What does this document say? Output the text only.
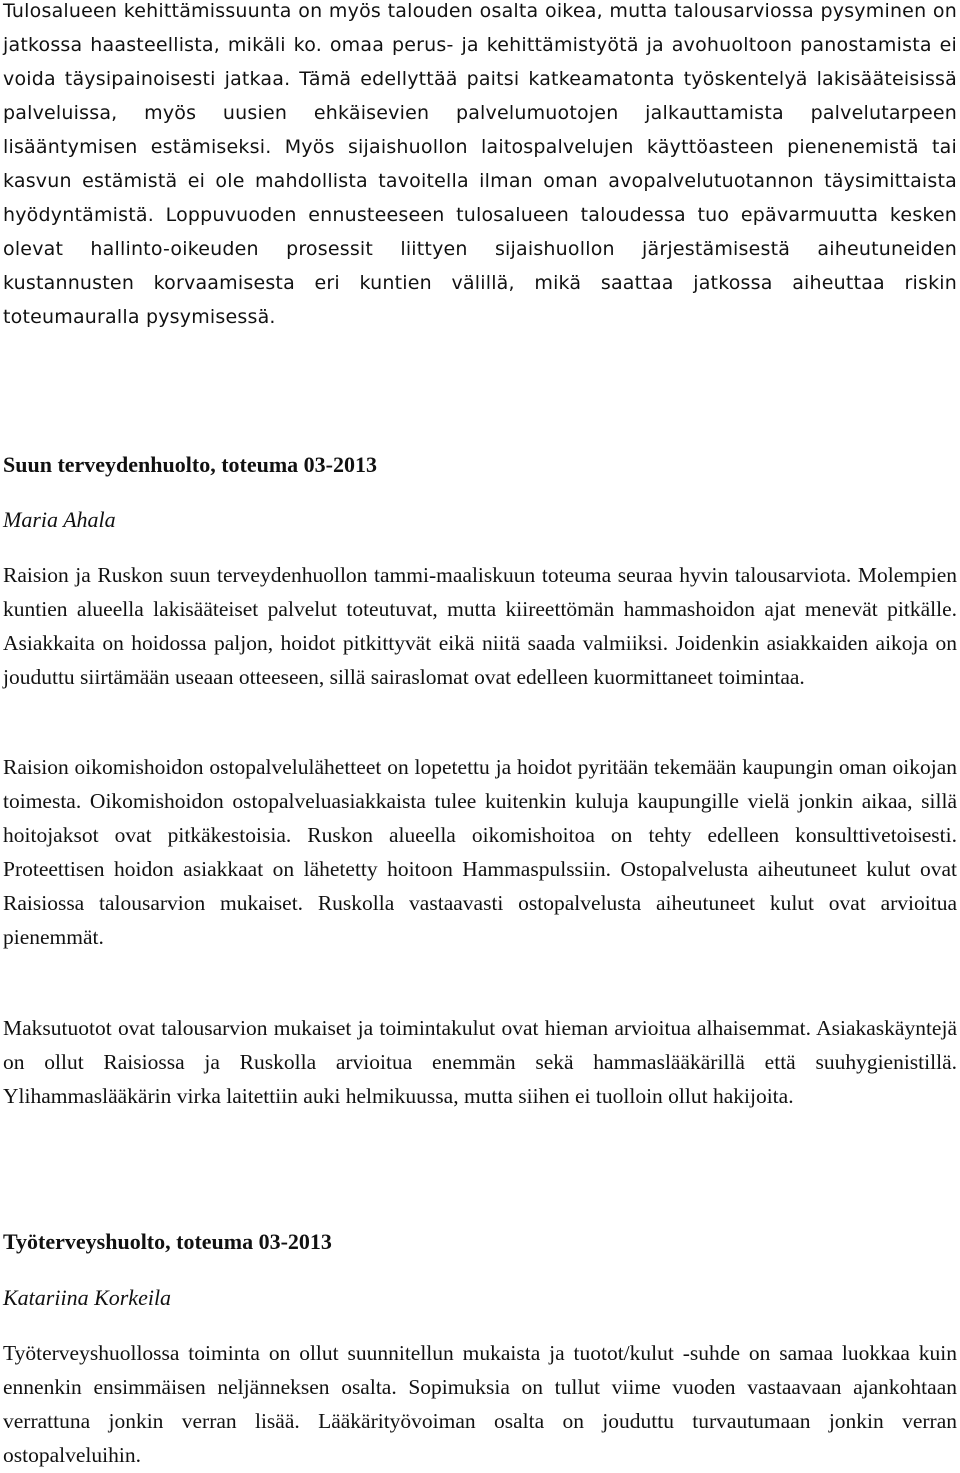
Tulosalueen kehittämissuunta on myös talouden osalta oikea, mutta talousarviossa pysyminen on jatkossa haasteellista, mikäli ko. omaa perus- ja kehittämistyötä ja avohuoltoon panostamista ei voida täysipainoisesti jatkaa. Tämä edellyttää paitsi katkeamatonta työskentelyä lakisääteisissä palveluissa, myös uusien ehkäisevien palvelumuotojen jalkauttamista palvelutarpeen lisääntymisen estämiseksi. Myös sijaishuollon laitospalvelujen käyttöasteen pienenemistä tai kasvun estämistä ei ole mahdollista tavoitella ilman oman avopalvelutuotannon täysimittaista hyödyntämistä. Loppuvuoden ennusteeseen tulosalueen taloudessa tuo epävarmuutta kesken olevat hallinto-oikeuden prosessit liittyen sijaishuollon järjestämisestä aiheutuneiden kustannusten korvaamisesta eri kuntien välillä, mikä saattaa jatkossa aiheuttaa riskin toteumauralla pysymisessä.

Suun terveydenhuolto, toteuma 03-2013

Maria Ahala

Raision ja Ruskon suun terveydenhuollon tammi-maaliskuun toteuma seuraa hyvin talousarviota. Molempien kuntien alueella lakisääteiset palvelut toteutuvat, mutta kiireettömän hammashoidon ajat menevät pitkälle. Asiakkaita on hoidossa paljon, hoidot pitkittyvät eikä niitä saada valmiiksi. Joidenkin asiakkaiden aikoja on jouduttu siirtämään useaan otteeseen, sillä sairaslomat ovat edelleen kuormittaneet toimintaa.

Raision oikomishoidon ostopalvelulähetteet on lopetettu ja hoidot pyritään tekemään kaupungin oman oikojan toimesta. Oikomishoidon ostopalveluasiakkaista tulee kuitenkin kuluja kaupungille vielä jonkin aikaa, sillä hoitojaksot ovat pitkäkestoisia. Ruskon alueella oikomishoitoa on tehty edelleen konsulttivetoisesti. Proteettisen hoidon asiakkaat on lähetetty hoitoon Hammaspulssiin. Ostopalvelusta aiheutuneet kulut ovat Raisiossa talousarvion mukaiset. Ruskolla vastaavasti ostopalvelusta aiheutuneet kulut ovat arvioitua pienemmät.

Maksutuotot ovat talousarvion mukaiset ja toimintakulut ovat hieman arvioitua alhaisemmat. Asiakaskäyntejä on ollut Raisiossa ja Ruskolla arvioitua enemmän sekä hammaslääkärillä että suuhygienistillä. Ylihammaslääkärin virka laitettiin auki helmikuussa, mutta siihen ei tuolloin ollut hakijoita.

Työterveyshuolto, toteuma 03-2013

Katariina Korkeila

Työterveyshuollossa toiminta on ollut suunnitellun mukaista ja tuotot/kulut -suhde on samaa luokkaa kuin ennenkin ensimmäisen neljänneksen osalta. Sopimuksia on tullut viime vuoden vastaavaan ajankohtaan verrattuna jonkin verran lisää. Lääkärityövoiman osalta on jouduttu turvautumaan jonkin verran ostopalveluihin.
